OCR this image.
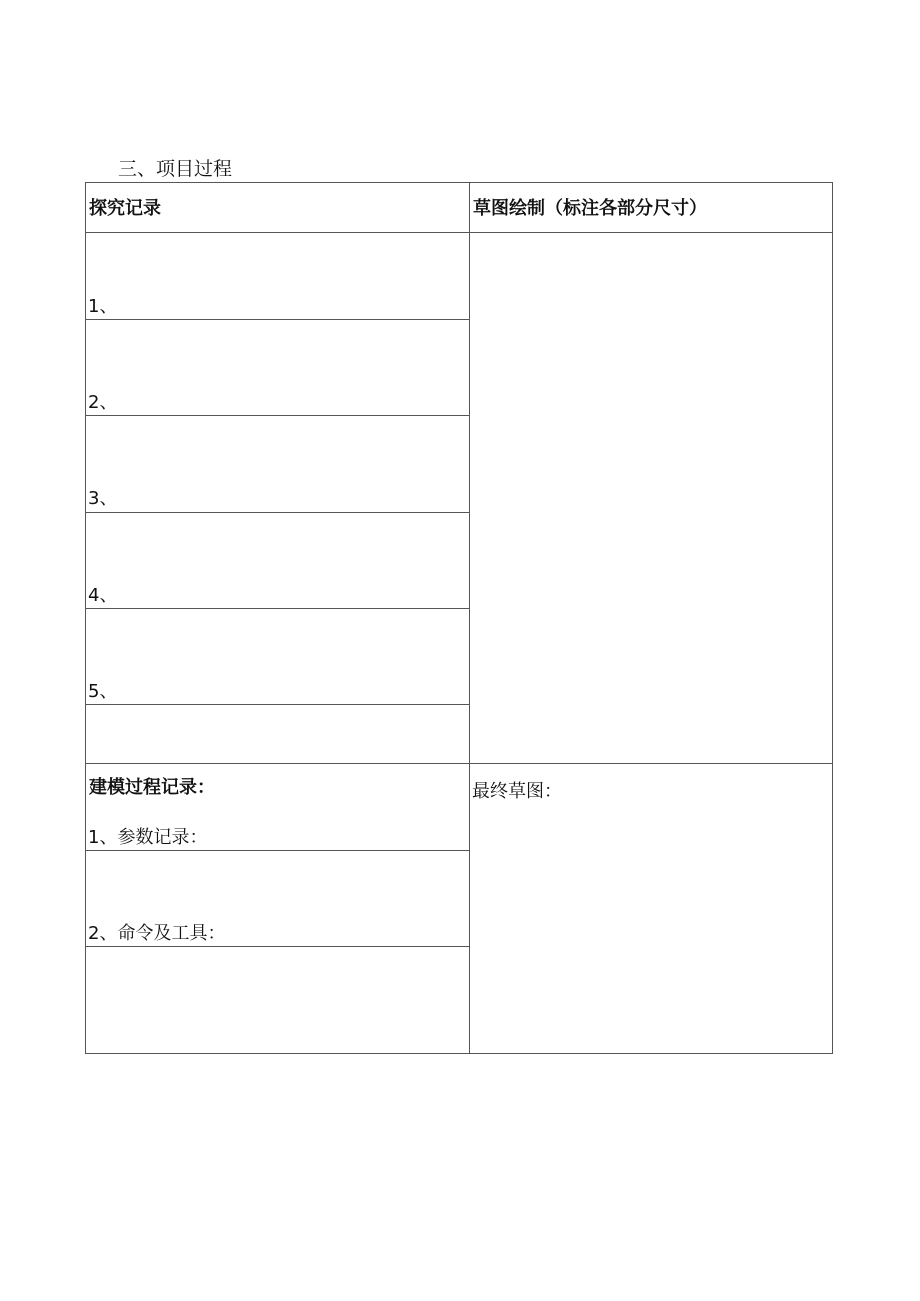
三、项目过程
探究记录	草图绘制（标注各部分尺寸）
1、
2、
3、
4、
5、
建模过程记录：
1、参数记录：
2、命令及工具：
最终草图：
